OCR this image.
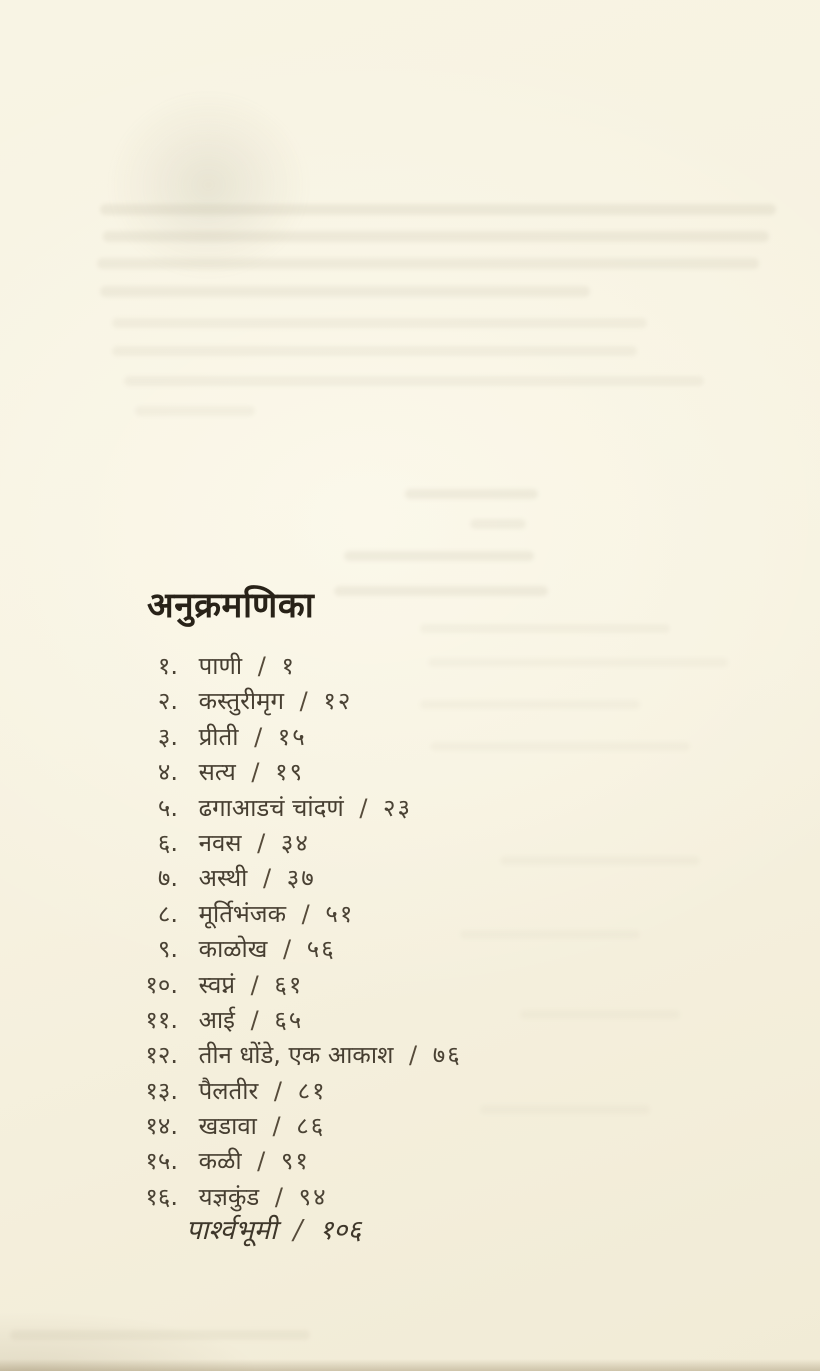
अनुक्रमणिका
१. पाणी / १
२. कस्तुरीमृग / १२
३. प्रीती / १५
४. सत्य / १९
५. ढगाआडचं चांदणं / २३
६. नवस / ३४
७. अस्थी / ३७
८. मूर्तिभंजक / ५१
९. काळोख / ५६
१०. स्वप्नं / ६१
११. आई / ६५
१२. तीन धोंडे, एक आकाश / ७६
१३. पैलतीर / ८१
१४. खडावा / ८६
१५. कळी / ९१
१६. यज्ञकुंड / ९४
पार्श्वभूमी / १०६
